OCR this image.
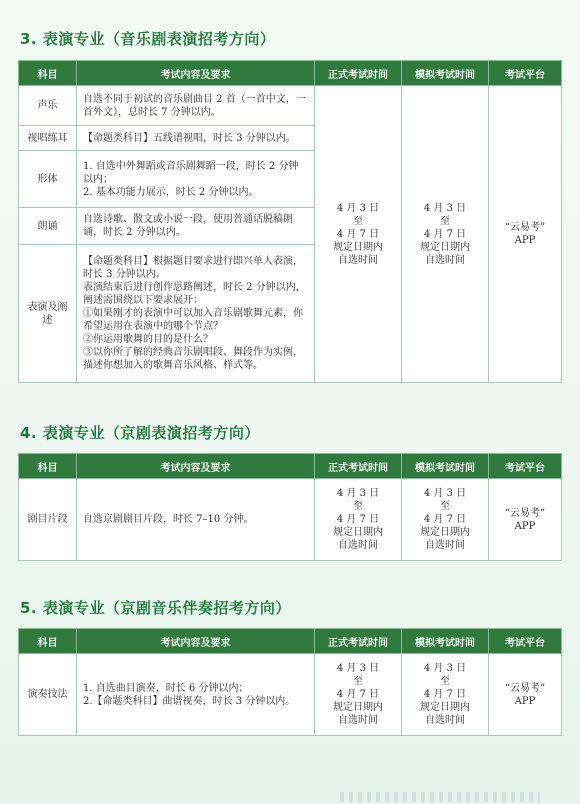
3. 表演专业（音乐剧表演招考方向）
科目	考试内容及要求	正式考试时间	模拟考试时间	考试平台
声乐	自选不同于初试的音乐剧曲目 2 首（一首中文，一首外文），总时长 7 分钟以内。	4 月 3 日
至
4 月 7 日
规定日期内
自选时间	4 月 3 日
至
4 月 7 日
规定日期内
自选时间	“云易考”
APP

视唱练耳	【命题类科目】五线谱视唱，时长 3 分钟以内。			

形体	1. 自选中外舞蹈或音乐剧舞蹈一段，时长 2 分钟以内；
2. 基本功能力展示，时长 2 分钟以内。			

朗诵	自选诗歌、散文或小说一段，使用普通话脱稿朗诵，时长 2 分钟以内。			

表演及阐述	【命题类科目】根据题目要求进行即兴单人表演，时长 3 分钟以内。
表演结束后进行创作思路阐述，时长 2 分钟以内，阐述需围绕以下要求展开：
①如果刚才的表演中可以加入音乐剧歌舞元素，你希望运用在表演中的哪个节点？
②你运用歌舞的目的是什么？
③以你所了解的经典音乐剧唱段、舞段作为实例，描述你想加入的歌舞音乐风格、样式等。			
4. 表演专业（京剧表演招考方向）
科目	考试内容及要求	正式考试时间	模拟考试时间	考试平台
剧目片段	自选京剧剧目片段，时长 7–10 分钟。	4 月 3 日
至
4 月 7 日
规定日期内
自选时间	4 月 3 日
至
4 月 7 日
规定日期内
自选时间	“云易考”
APP
5. 表演专业（京剧音乐伴奏招考方向）
科目	考试内容及要求	正式考试时间	模拟考试时间	考试平台
演奏技法	1. 自选曲目演奏，时长 6 分钟以内；
2.【命题类科目】曲谱视奏，时长 3 分钟以内。	4 月 3 日
至
4 月 7 日
规定日期内
自选时间	4 月 3 日
至
4 月 7 日
规定日期内
自选时间	“云易考”
APP
